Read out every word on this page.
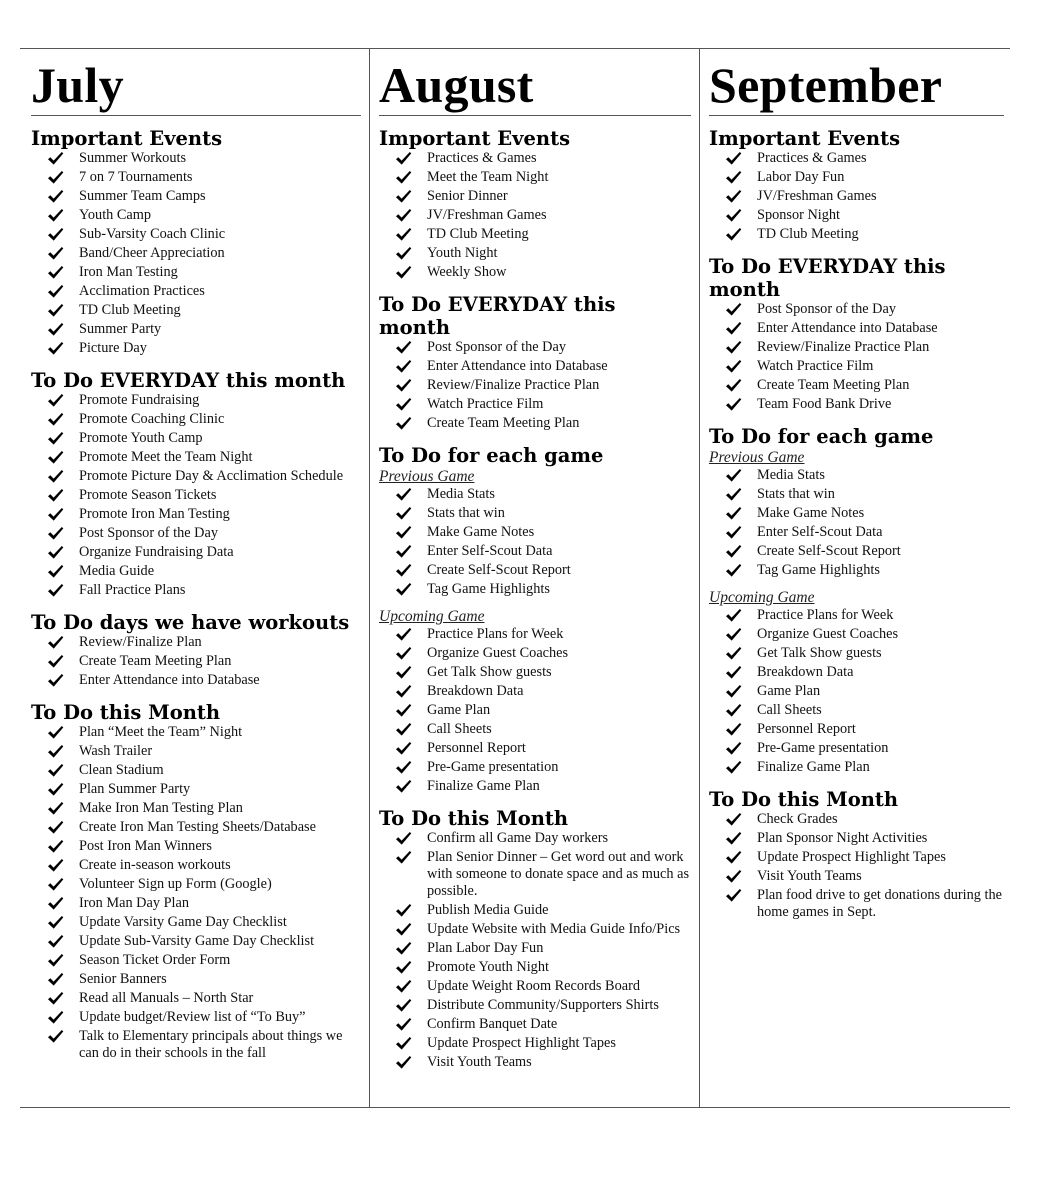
July
Important Events
Summer Workouts
7 on 7 Tournaments
Summer Team Camps
Youth Camp
Sub-Varsity Coach Clinic
Band/Cheer Appreciation
Iron Man Testing
Acclimation Practices
TD Club Meeting
Summer Party
Picture Day
To Do EVERYDAY this month
Promote Fundraising
Promote Coaching Clinic
Promote Youth Camp
Promote Meet the Team Night
Promote Picture Day & Acclimation Schedule
Promote Season Tickets
Promote Iron Man Testing
Post Sponsor of the Day
Organize Fundraising Data
Media Guide
Fall Practice Plans
To Do days we have workouts
Review/Finalize Plan
Create Team Meeting Plan
Enter Attendance into Database
To Do this Month
Plan “Meet the Team” Night
Wash Trailer
Clean Stadium
Plan Summer Party
Make Iron Man Testing Plan
Create Iron Man Testing Sheets/Database
Post Iron Man Winners
Create in-season workouts
Volunteer Sign up Form (Google)
Iron Man Day Plan
Update Varsity Game Day Checklist
Update Sub-Varsity Game Day Checklist
Season Ticket Order Form
Senior Banners
Read all Manuals – North Star
Update budget/Review list of “To Buy”
Talk to Elementary principals about things we can do in their schools in the fall
August
Important Events
Practices & Games
Meet the Team Night
Senior Dinner
JV/Freshman Games
TD Club Meeting
Youth Night
Weekly Show
To Do EVERYDAY this month
Post Sponsor of the Day
Enter Attendance into Database
Review/Finalize Practice Plan
Watch Practice Film
Create Team Meeting Plan
To Do for each game
Previous Game
Media Stats
Stats that win
Make Game Notes
Enter Self-Scout Data
Create Self-Scout Report
Tag Game Highlights
Upcoming Game
Practice Plans for Week
Organize Guest Coaches
Get Talk Show guests
Breakdown Data
Game Plan
Call Sheets
Personnel Report
Pre-Game presentation
Finalize Game Plan
To Do this Month
Confirm all Game Day workers
Plan Senior Dinner – Get word out and work with someone to donate space and as much as possible.
Publish Media Guide
Update Website with Media Guide Info/Pics
Plan Labor Day Fun
Promote Youth Night
Update Weight Room Records Board
Distribute Community/Supporters Shirts
Confirm Banquet Date
Update Prospect Highlight Tapes
Visit Youth Teams
September
Important Events
Practices & Games
Labor Day Fun
JV/Freshman Games
Sponsor Night
TD Club Meeting
To Do EVERYDAY this month
Post Sponsor of the Day
Enter Attendance into Database
Review/Finalize Practice Plan
Watch Practice Film
Create Team Meeting Plan
Team Food Bank Drive
To Do for each game
Previous Game
Media Stats
Stats that win
Make Game Notes
Enter Self-Scout Data
Create Self-Scout Report
Tag Game Highlights
Upcoming Game
Practice Plans for Week
Organize Guest Coaches
Get Talk Show guests
Breakdown Data
Game Plan
Call Sheets
Personnel Report
Pre-Game presentation
Finalize Game Plan
To Do this Month
Check Grades
Plan Sponsor Night Activities
Update Prospect Highlight Tapes
Visit Youth Teams
Plan food drive to get donations during the home games in Sept.
